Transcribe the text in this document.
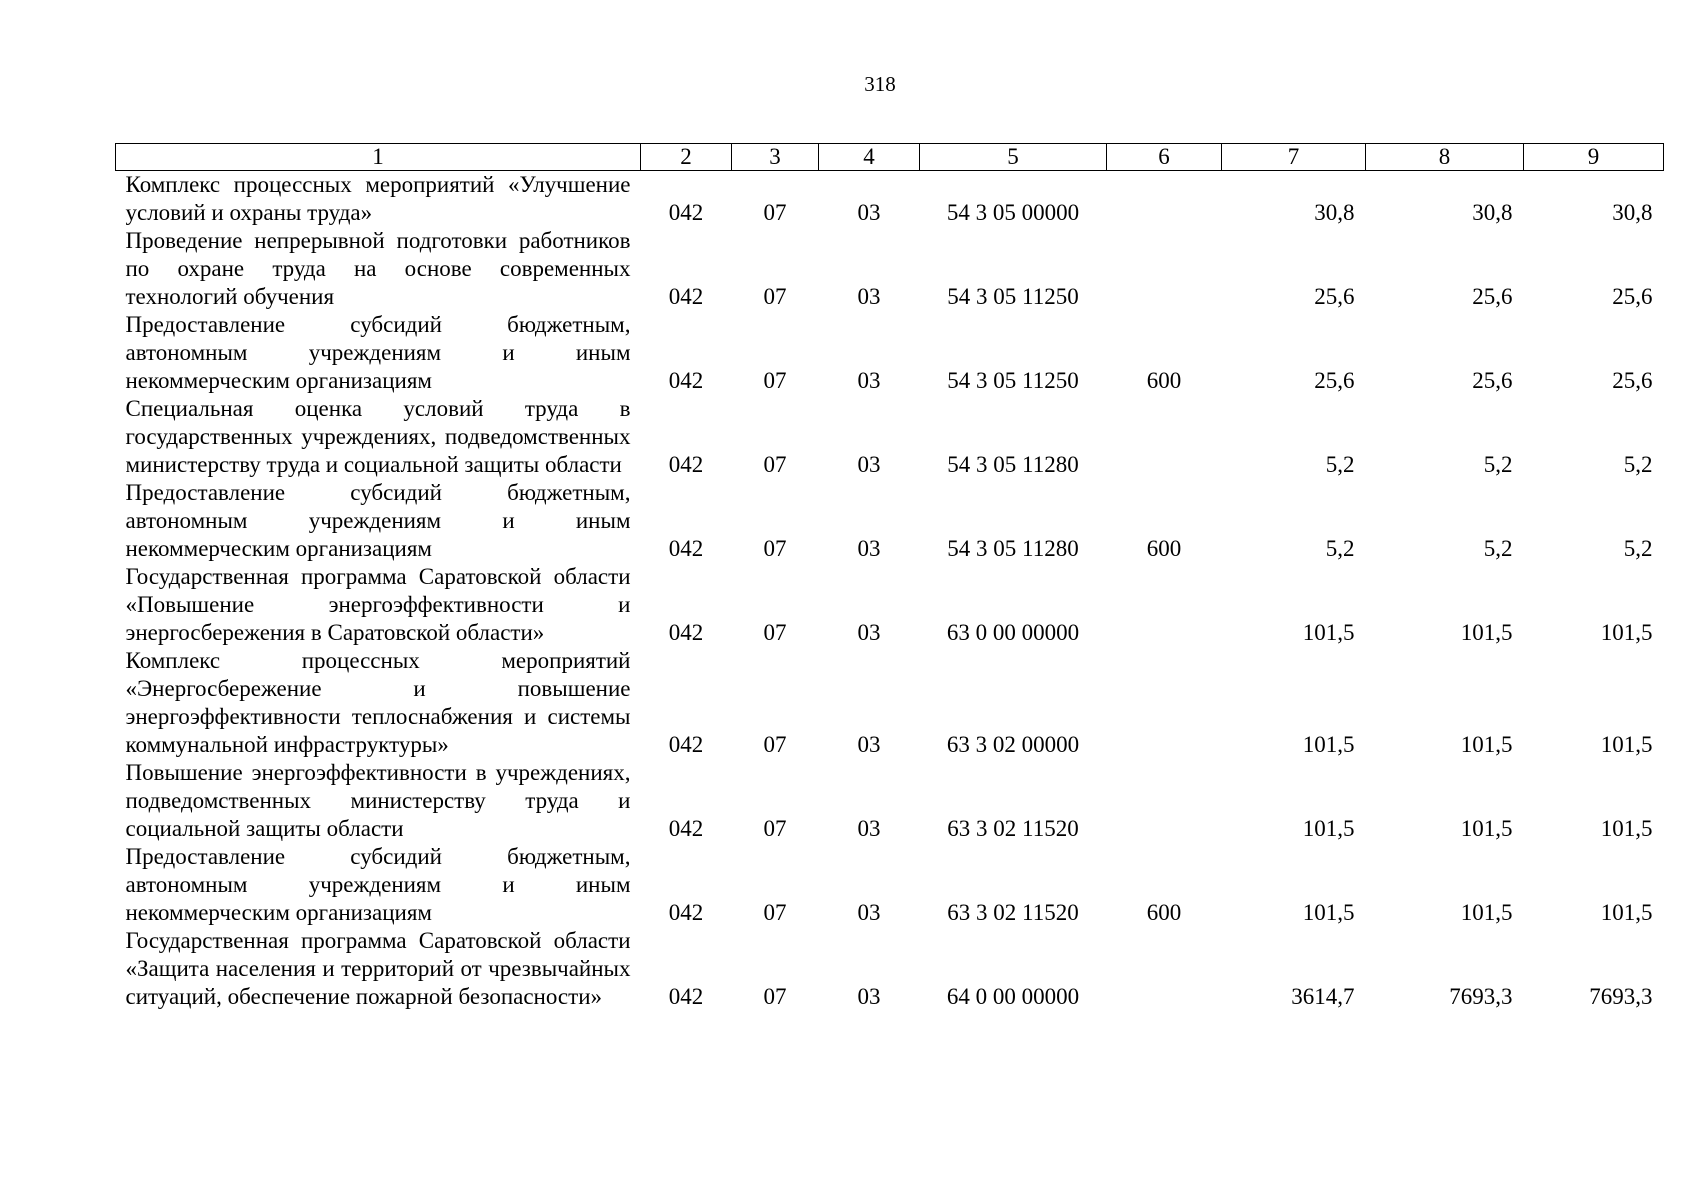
318
1	2	3	4	5	6	7	8	9
Комплекс процессных мероприятий «Улучшение условий и охраны труда»	042	07	03	54 3 05 00000		30,8	30,8	30,8
Проведение непрерывной подготовки работников по охране труда на основе современных технологий обучения	042	07	03	54 3 05 11250		25,6	25,6	25,6
Предоставление субсидий бюджетным, автономным учреждениям и иным некоммерческим организациям	042	07	03	54 3 05 11250	600	25,6	25,6	25,6
Специальная оценка условий труда в государственных учреждениях, подведомственных министерству труда и социальной защиты области	042	07	03	54 3 05 11280		5,2	5,2	5,2
Предоставление субсидий бюджетным, автономным учреждениям и иным некоммерческим организациям	042	07	03	54 3 05 11280	600	5,2	5,2	5,2
Государственная программа Саратовской области «Повышение энергоэффективности и энергосбережения в Саратовской области»	042	07	03	63 0 00 00000		101,5	101,5	101,5
Комплекс процессных мероприятий «Энергосбережение и повышение энергоэффективности теплоснабжения и системы коммунальной инфраструктуры»	042	07	03	63 3 02 00000		101,5	101,5	101,5
Повышение энергоэффективности в учреждениях, подведомственных министерству труда и социальной защиты области	042	07	03	63 3 02 11520		101,5	101,5	101,5
Предоставление субсидий бюджетным, автономным учреждениям и иным некоммерческим организациям	042	07	03	63 3 02 11520	600	101,5	101,5	101,5
Государственная программа Саратовской области «Защита населения и территорий от чрезвычайных ситуаций, обеспечение пожарной безопасности»	042	07	03	64 0 00 00000		3614,7	7693,3	7693,3
